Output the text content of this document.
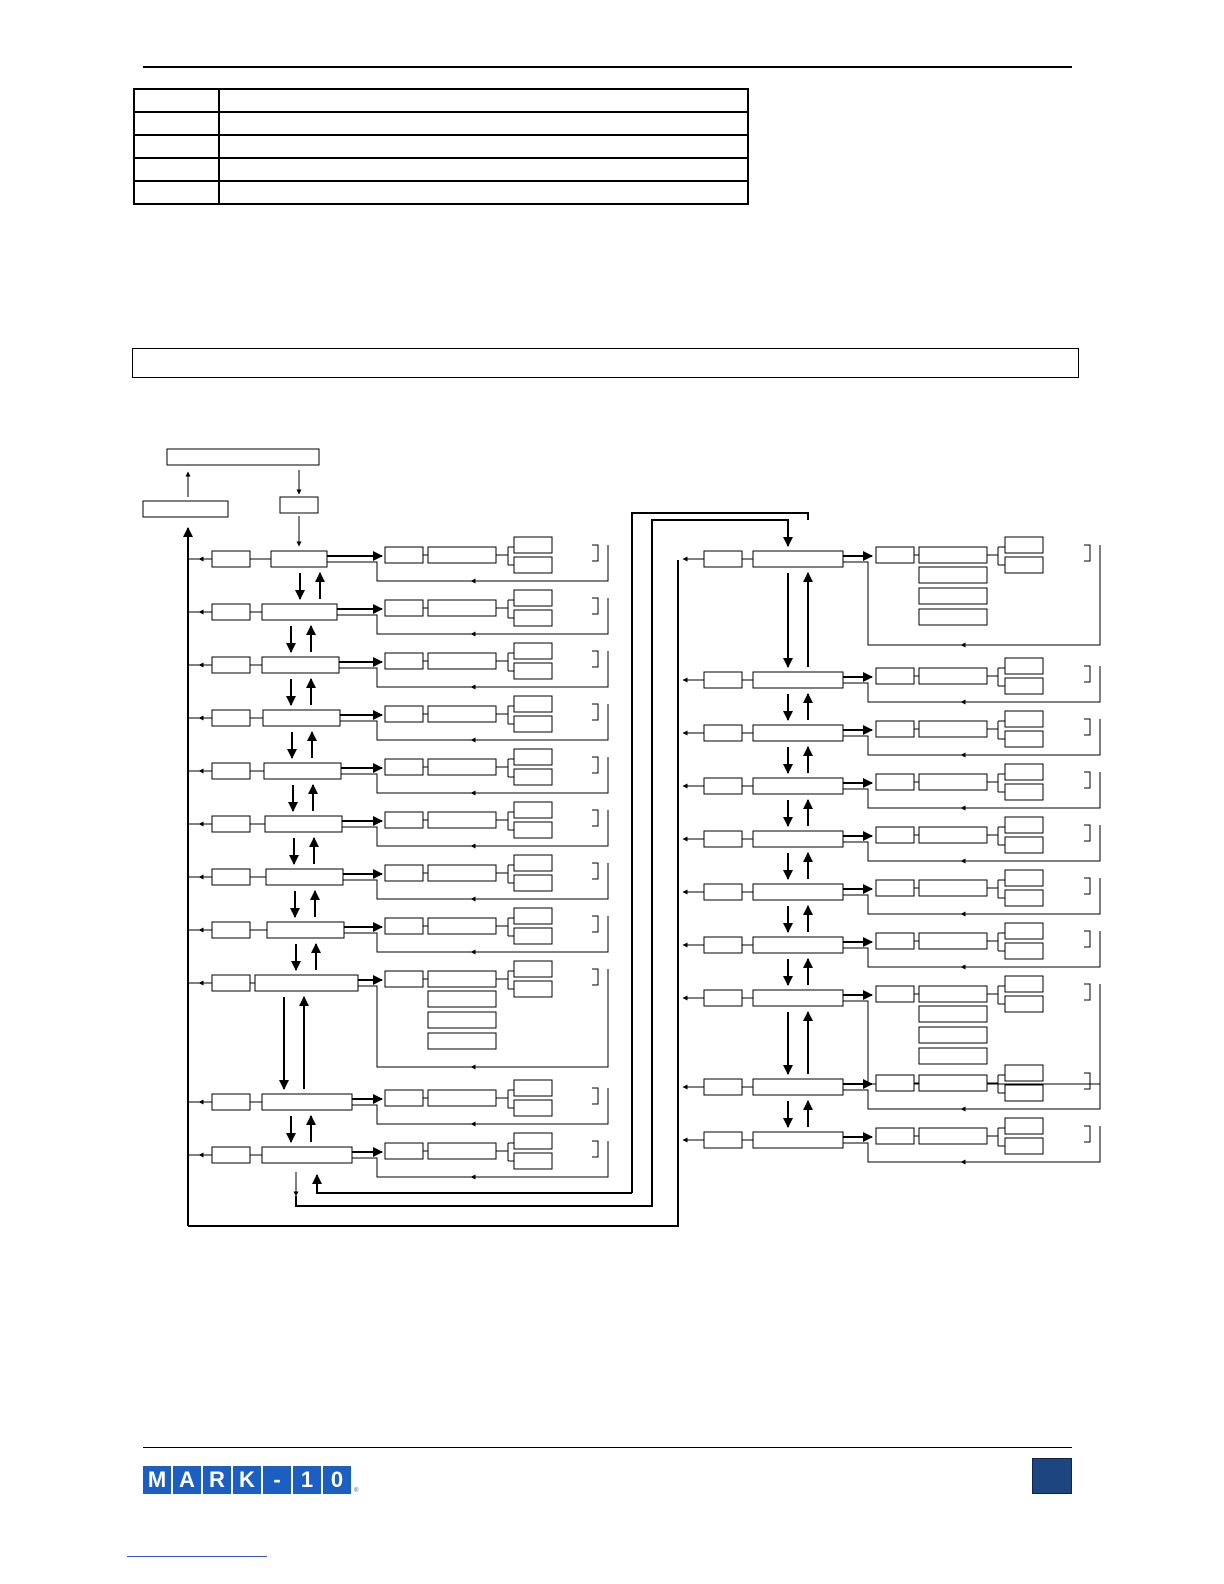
M A R K - 1 0	®
